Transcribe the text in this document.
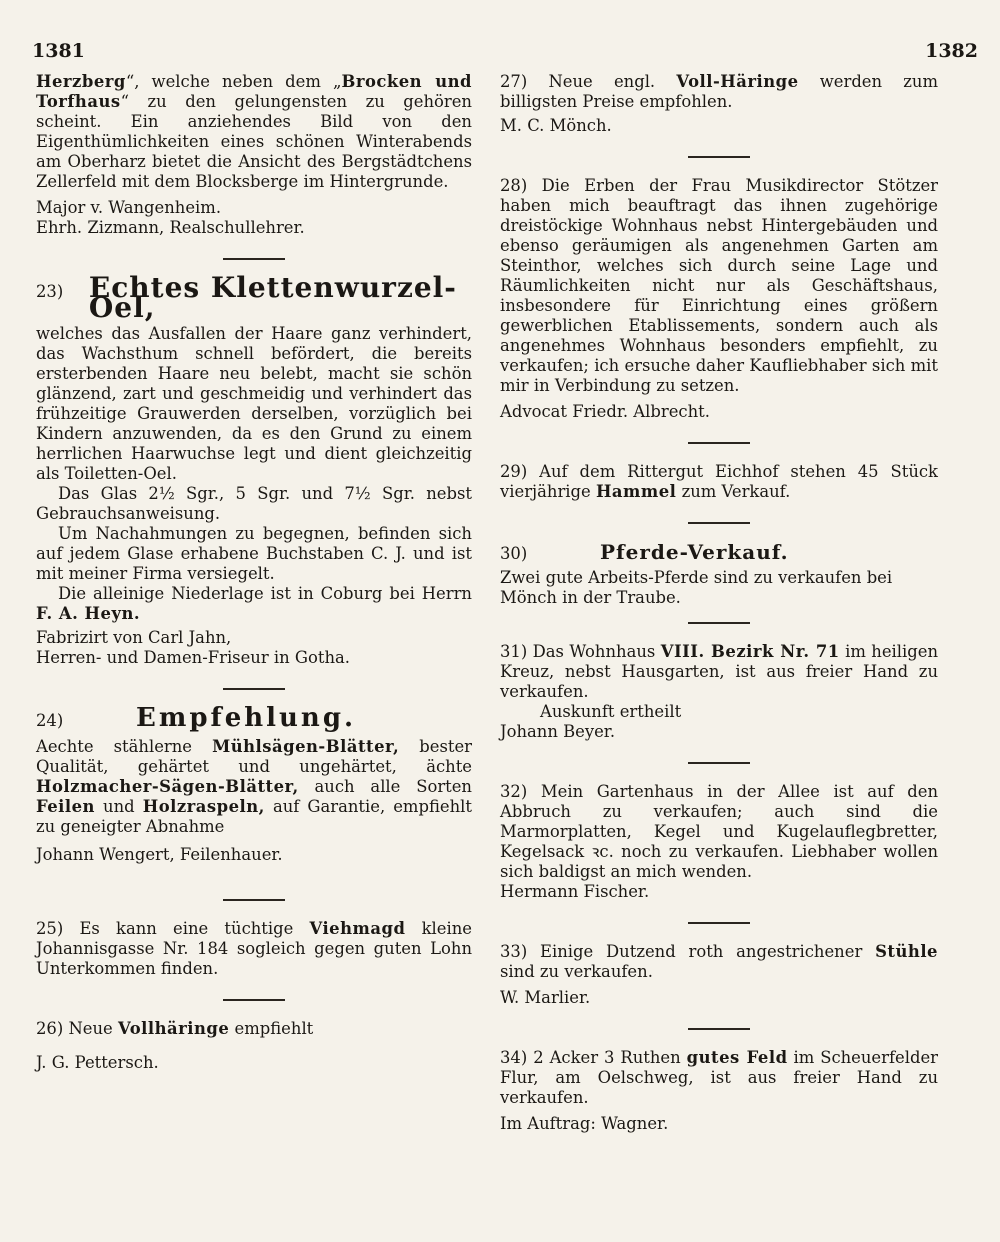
1381	1382

Herzberg“, welche neben dem „Brocken und Torfhaus“ zu den gelungensten zu gehören scheint. Ein anziehendes Bild von den Eigenthümlichkeiten eines schönen Winterabends am Oberharz bietet die Ansicht des Bergstädtchens Zellerfeld mit dem Blocksberge im Hintergrunde.

Major v. Wangenheim.

Ehrh. Zizmann, Realschullehrer.

23) Echtes Klettenwurzel-Oel,

welches das Ausfallen der Haare ganz verhindert, das Wachsthum schnell befördert, die bereits ersterbenden Haare neu belebt, macht sie schön glänzend, zart und geschmeidig und verhindert das frühzeitige Grauwerden derselben, vorzüglich bei Kindern anzuwenden, da es den Grund zu einem herrlichen Haarwuchse legt und dient gleichzeitig als Toiletten-Oel.

Das Glas 2½ Sgr., 5 Sgr. und 7½ Sgr. nebst Gebrauchsanweisung.

Um Nachahmungen zu begegnen, befinden sich auf jedem Glase erhabene Buchstaben C. J. und ist mit meiner Firma versiegelt.

Die alleinige Niederlage ist in Coburg bei Herrn F. A. Heyn.

Fabrizirt von Carl Jahn,

Herren- und Damen-Friseur in Gotha.

24)	Empfehlung.

Aechte stählerne Mühlsägen-Blätter, bester Qualität, gehärtet und ungehärtet, ächte Holzmacher-Sägen-Blätter, auch alle Sorten Feilen und Holzraspeln, auf Garantie, empfiehlt zu geneigter Abnahme

Johann Wengert, Feilenhauer.

25) Es kann eine tüchtige Viehmagd kleine Johannisgasse Nr. 184 sogleich gegen guten Lohn Unterkommen finden.

26) Neue Vollhäringe empfiehlt

J. G. Pettersch.

27) Neue engl. Voll-Häringe werden zum billigsten Preise empfohlen.

M. C. Mönch.

28) Die Erben der Frau Musikdirector Stötzer haben mich beauftragt das ihnen zugehörige dreistöckige Wohnhaus nebst Hintergebäuden und ebenso geräumigen als angenehmen Garten am Steinthor, welches sich durch seine Lage und Räumlichkeiten nicht nur als Geschäftshaus, insbesondere für Einrichtung eines größern gewerblichen Etablissements, sondern auch als angenehmes Wohnhaus besonders empfiehlt, zu verkaufen; ich ersuche daher Kaufliebhaber sich mit mir in Verbindung zu setzen.

Advocat Friedr. Albrecht.

29) Auf dem Rittergut Eichhof stehen 45 Stück vierjährige Hammel zum Verkauf.

30)	Pferde-Verkauf.

Zwei gute Arbeits-Pferde sind zu verkaufen bei

Mönch in der Traube.

31) Das Wohnhaus VIII. Bezirk Nr. 71 im heiligen Kreuz, nebst Hausgarten, ist aus freier Hand zu verkaufen.

Auskunft ertheilt

Johann Beyer.

32) Mein Gartenhaus in der Allee ist auf den Abbruch zu verkaufen; auch sind die Marmorplatten, Kegel und Kugelauflegbretter, Kegelsack ꝛc. noch zu verkaufen. Liebhaber wollen sich baldigst an mich wenden.

Hermann Fischer.

33) Einige Dutzend roth angestrichener Stühle sind zu verkaufen.

W. Marlier.

34) 2 Acker 3 Ruthen gutes Feld im Scheuerfelder Flur, am Oelschweg, ist aus freier Hand zu verkaufen.

Im Auftrag: Wagner.
